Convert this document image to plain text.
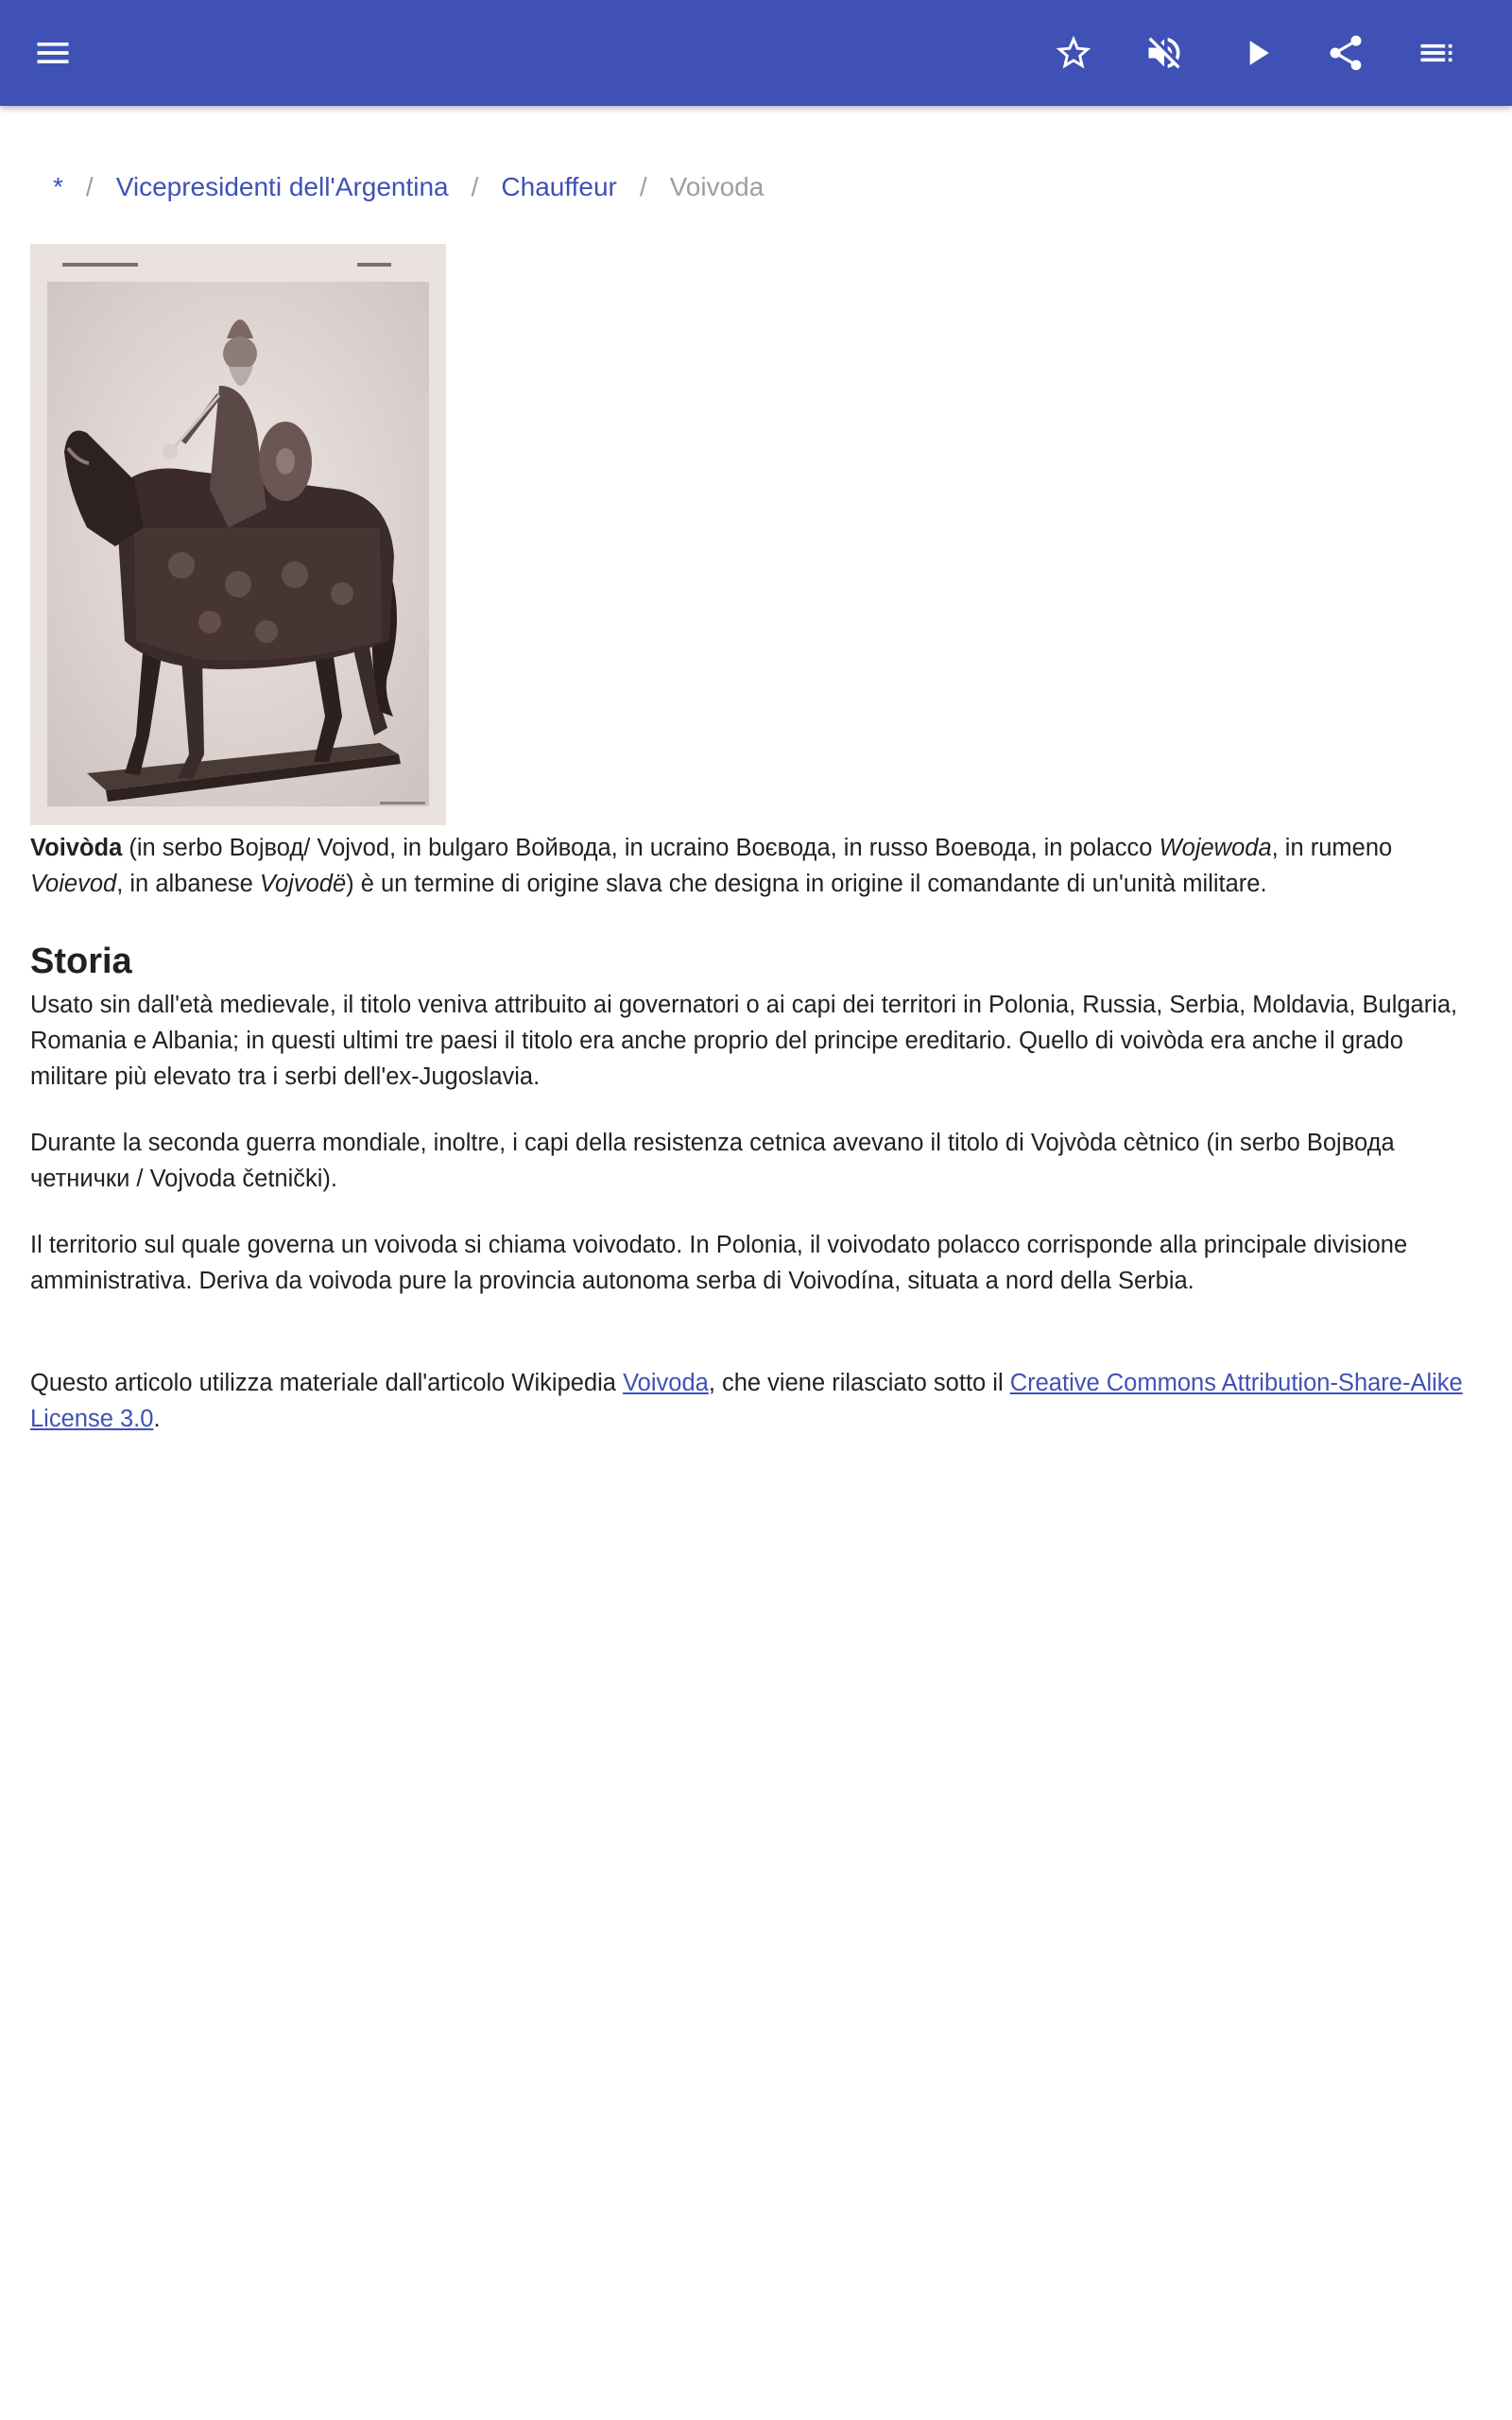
* / Vicepresidenti dell'Argentina / Chauffeur / Voivoda

Voivòda (in serbo Војвод/ Vojvod, in bulgaro Войвода, in ucraino Воєвода, in russo Воевода, in polacco Wojewoda, in rumeno Voievod, in albanese Vojvodë) è un termine di origine slava che designa in origine il comandante di un'unità militare.

Storia

Usato sin dall'età medievale, il titolo veniva attribuito ai governatori o ai capi dei territori in Polonia, Russia, Serbia, Moldavia, Bulgaria, Romania e Albania; in questi ultimi tre paesi il titolo era anche proprio del principe ereditario. Quello di voivòda era anche il grado militare più elevato tra i serbi dell'ex-Jugoslavia.

Durante la seconda guerra mondiale, inoltre, i capi della resistenza cetnica avevano il titolo di Vojvòda cètnico (in serbo Војвода четнички / Vojvoda četnički).

Il territorio sul quale governa un voivoda si chiama voivodato. In Polonia, il voivodato polacco corrisponde alla principale divisione amministrativa. Deriva da voivoda pure la provincia autonoma serba di Voivodína, situata a nord della Serbia.

Questo articolo utilizza materiale dall'articolo Wikipedia Voivoda, che viene rilasciato sotto il Creative Commons Attribution-Share-Alike License 3.0.
